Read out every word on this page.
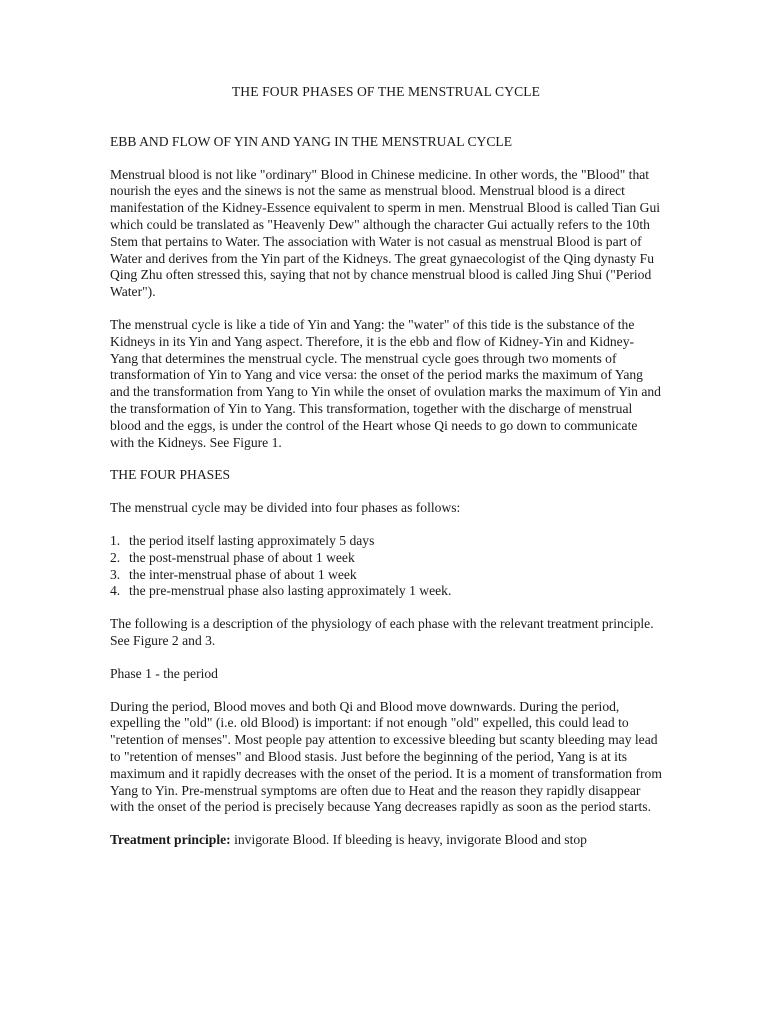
THE FOUR PHASES OF THE MENSTRUAL CYCLE
EBB AND FLOW OF YIN AND YANG IN THE MENSTRUAL CYCLE

Menstrual blood is not like "ordinary" Blood in Chinese medicine. In other words, the "Blood" that nourish the eyes and the sinews is not the same as menstrual blood. Menstrual blood is a direct manifestation of the Kidney-Essence equivalent to sperm in men. Menstrual Blood is called Tian Gui which could be translated as "Heavenly Dew" although the character Gui actually refers to the 10th Stem that pertains to Water. The association with Water is not casual as menstrual Blood is part of Water and derives from the Yin part of the Kidneys. The great gynaecologist of the Qing dynasty Fu Qing Zhu often stressed this, saying that not by chance menstrual blood is called Jing Shui ("Period Water").

The menstrual cycle is like a tide of Yin and Yang: the "water" of this tide is the substance of the Kidneys in its Yin and Yang aspect. Therefore, it is the ebb and flow of Kidney-Yin and Kidney-Yang that determines the menstrual cycle. The menstrual cycle goes through two moments of transformation of Yin to Yang and vice versa: the onset of the period marks the maximum of Yang and the transformation from Yang to Yin while the onset of ovulation marks the maximum of Yin and the transformation of Yin to Yang. This transformation, together with the discharge of menstrual blood and the eggs, is under the control of the Heart whose Qi needs to go down to communicate with the Kidneys. See Figure 1.

THE FOUR PHASES

The menstrual cycle may be divided into four phases as follows:

1. the period itself lasting approximately 5 days
2. the post-menstrual phase of about 1 week
3. the inter-menstrual phase of about 1 week
4. the pre-menstrual phase also lasting approximately 1 week.

The following is a description of the physiology of each phase with the relevant treatment principle. See Figure 2 and 3.

Phase 1 - the period

During the period, Blood moves and both Qi and Blood move downwards. During the period, expelling the "old" (i.e. old Blood) is important: if not enough "old" expelled, this could lead to "retention of menses". Most people pay attention to excessive bleeding but scanty bleeding may lead to "retention of menses" and Blood stasis. Just before the beginning of the period, Yang is at its maximum and it rapidly decreases with the onset of the period. It is a moment of transformation from Yang to Yin. Pre-menstrual symptoms are often due to Heat and the reason they rapidly disappear with the onset of the period is precisely because Yang decreases rapidly as soon as the period starts.

Treatment principle: invigorate Blood. If bleeding is heavy, invigorate Blood and stop
